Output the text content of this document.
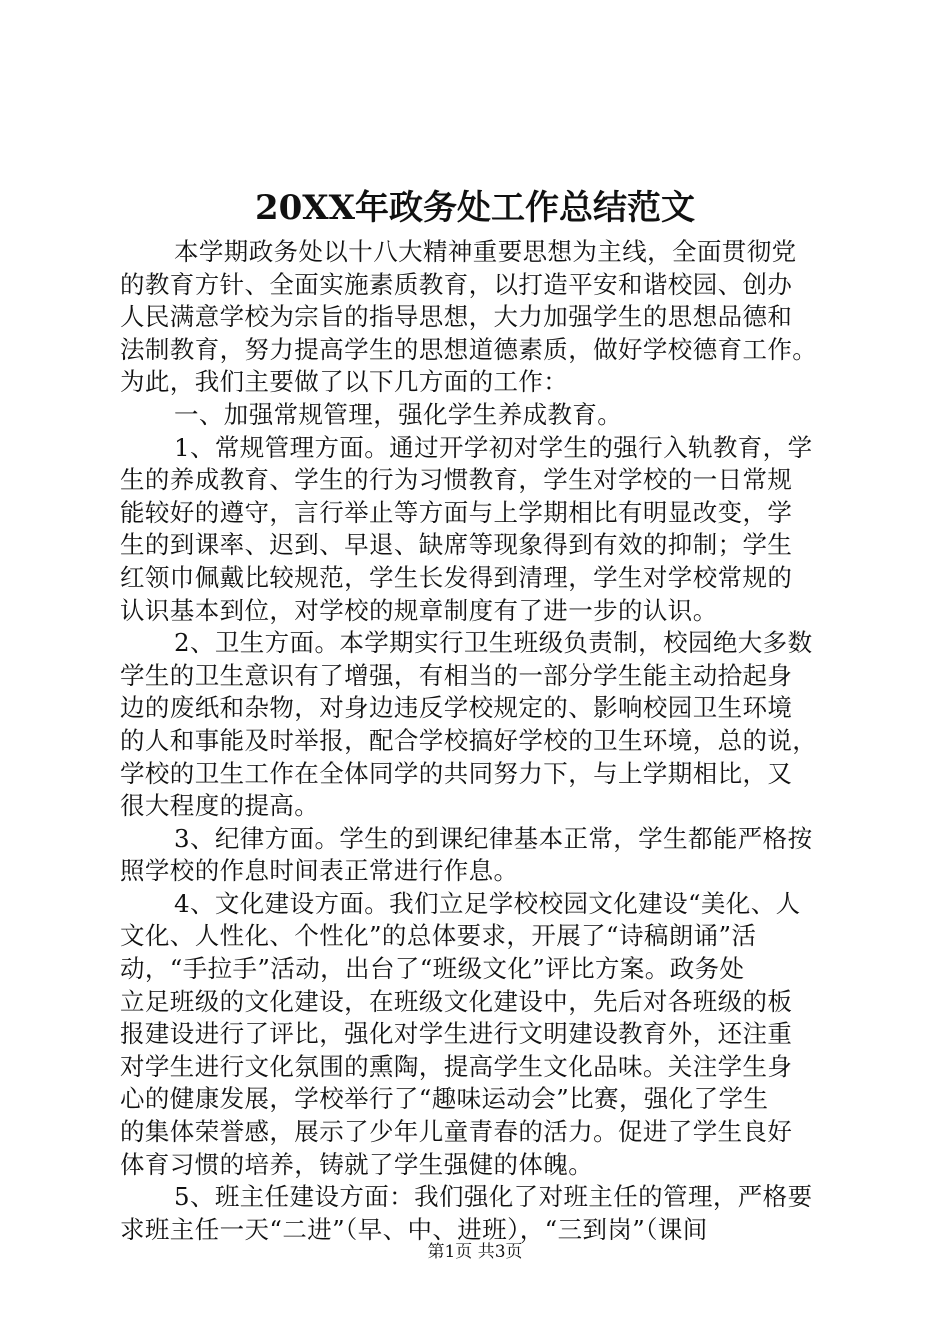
20XX年政务处工作总结范文

本学期政务处以十八大精神重要思想为主线，全面贯彻党
的教育方针、全面实施素质教育，以打造平安和谐校园、创办
人民满意学校为宗旨的指导思想，大力加强学生的思想品德和
法制教育，努力提高学生的思想道德素质，做好学校德育工作。
为此，我们主要做了以下几方面的工作：

一、加强常规管理，强化学生养成教育。

1、常规管理方面。通过开学初对学生的强行入轨教育，学
生的养成教育、学生的行为习惯教育，学生对学校的一日常规
能较好的遵守，言行举止等方面与上学期相比有明显改变，学
生的到课率、迟到、早退、缺席等现象得到有效的抑制；学生
红领巾佩戴比较规范，学生长发得到清理，学生对学校常规的
认识基本到位，对学校的规章制度有了进一步的认识。

2、卫生方面。本学期实行卫生班级负责制，校园绝大多数
学生的卫生意识有了增强，有相当的一部分学生能主动拾起身
边的废纸和杂物，对身边违反学校规定的、影响校园卫生环境
的人和事能及时举报，配合学校搞好学校的卫生环境，总的说，
学校的卫生工作在全体同学的共同努力下，与上学期相比，又
很大程度的提高。

3、纪律方面。学生的到课纪律基本正常，学生都能严格按
照学校的作息时间表正常进行作息。

4、文化建设方面。我们立足学校校园文化建设“美化、人
文化、人性化、个性化”的总体要求，开展了“诗稿朗诵”活
动，“手拉手”活动，出台了“班级文化”评比方案。政务处
立足班级的文化建设，在班级文化建设中，先后对各班级的板
报建设进行了评比，强化对学生进行文明建设教育外，还注重
对学生进行文化氛围的熏陶，提高学生文化品味。关注学生身
心的健康发展，学校举行了“趣味运动会”比赛，强化了学生
的集体荣誉感，展示了少年儿童青春的活力。促进了学生良好
体育习惯的培养，铸就了学生强健的体魄。

5、班主任建设方面：我们强化了对班主任的管理，严格要
求班主任一天“二进”（早、中、进班），“三到岗”（课间

第1页 共3页
